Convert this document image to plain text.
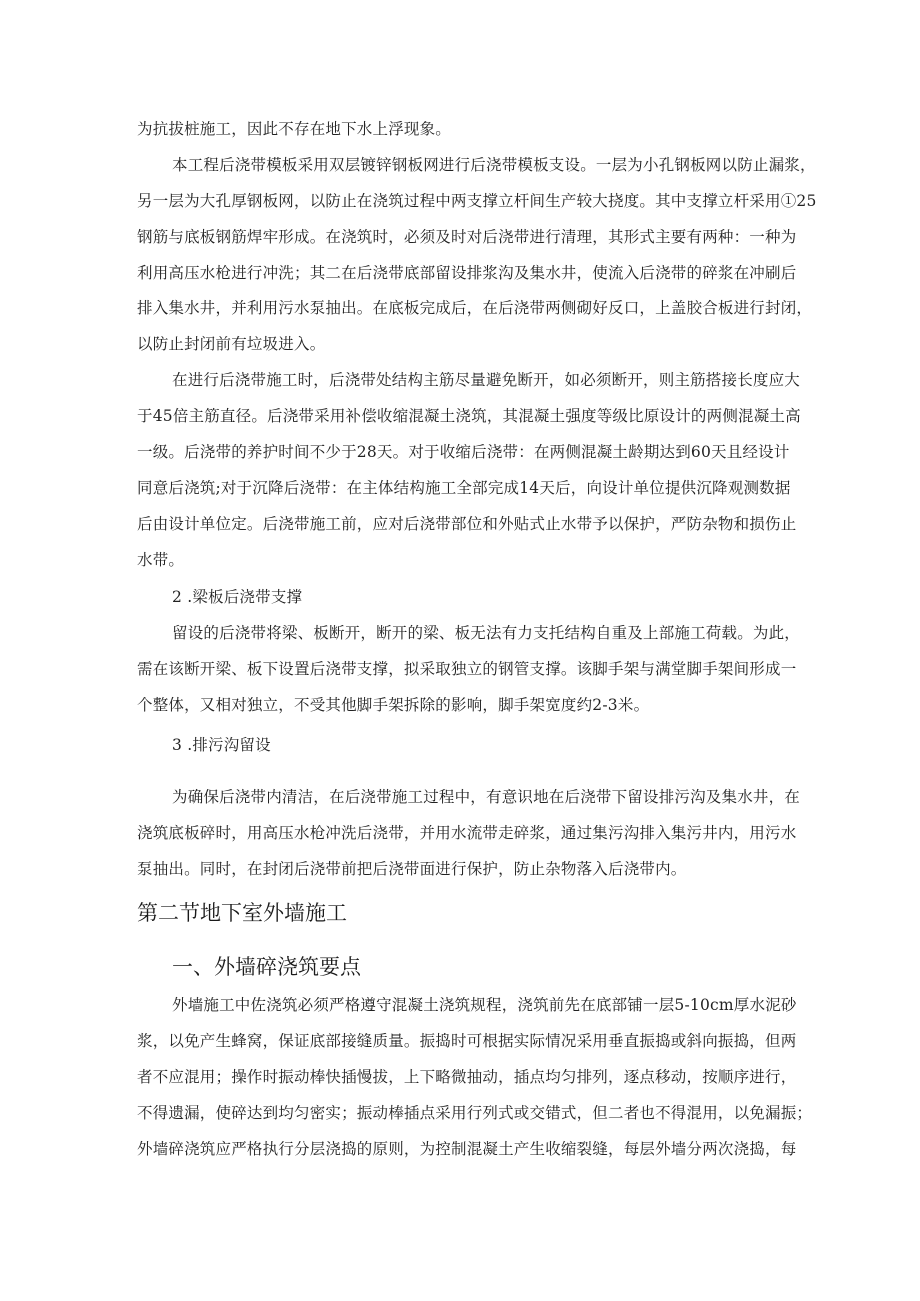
为抗拔桩施工，因此不存在地下水上浮现象。
本工程后浇带模板采用双层镀锌钢板网进行后浇带模板支设。一层为小孔钢板网以防止漏浆，
另一层为大孔厚钢板网，以防止在浇筑过程中两支撑立杆间生产较大挠度。其中支撑立杆采用①25
钢筋与底板钢筋焊牢形成。在浇筑时，必须及时对后浇带进行清理，其形式主要有两种：一种为
利用高压水枪进行冲洗；其二在后浇带底部留设排浆沟及集水井，使流入后浇带的碎浆在冲刷后
排入集水井，并利用污水泵抽出。在底板完成后，在后浇带两侧砌好反口，上盖胶合板进行封闭，
以防止封闭前有垃圾进入。
在进行后浇带施工时，后浇带处结构主筋尽量避免断开，如必须断开，则主筋搭接长度应大
于45倍主筋直径。后浇带采用补偿收缩混凝土浇筑，其混凝土强度等级比原设计的两侧混凝土高
一级。后浇带的养护时间不少于28天。对于收缩后浇带：在两侧混凝土龄期达到60天且经设计
同意后浇筑;对于沉降后浇带：在主体结构施工全部完成14天后，向设计单位提供沉降观测数据
后由设计单位定。后浇带施工前，应对后浇带部位和外贴式止水带予以保护，严防杂物和损伤止
水带。
2 .梁板后浇带支撑
留设的后浇带将梁、板断开，断开的梁、板无法有力支托结构自重及上部施工荷载。为此，
需在该断开梁、板下设置后浇带支撑，拟采取独立的钢管支撑。该脚手架与满堂脚手架间形成一
个整体，又相对独立，不受其他脚手架拆除的影响，脚手架宽度约2-3米。
3 .排污沟留设
为确保后浇带内清洁，在后浇带施工过程中，有意识地在后浇带下留设排污沟及集水井，在
浇筑底板碎时，用高压水枪冲洗后浇带，并用水流带走碎浆，通过集污沟排入集污井内，用污水
泵抽出。同时，在封闭后浇带前把后浇带面进行保护，防止杂物落入后浇带内。
第二节地下室外墙施工
一、外墙碎浇筑要点
外墙施工中佐浇筑必须严格遵守混凝土浇筑规程，浇筑前先在底部铺一层5-10cm厚水泥砂
浆，以免产生蜂窝，保证底部接缝质量。振捣时可根据实际情况采用垂直振捣或斜向振捣，但两
者不应混用；操作时振动棒快插慢拔，上下略微抽动，插点均匀排列，逐点移动，按顺序进行，
不得遗漏，使碎达到均匀密实；振动棒插点采用行列式或交错式，但二者也不得混用，以免漏振；
外墙碎浇筑应严格执行分层浇捣的原则，为控制混凝土产生收缩裂缝，每层外墙分两次浇捣，每
